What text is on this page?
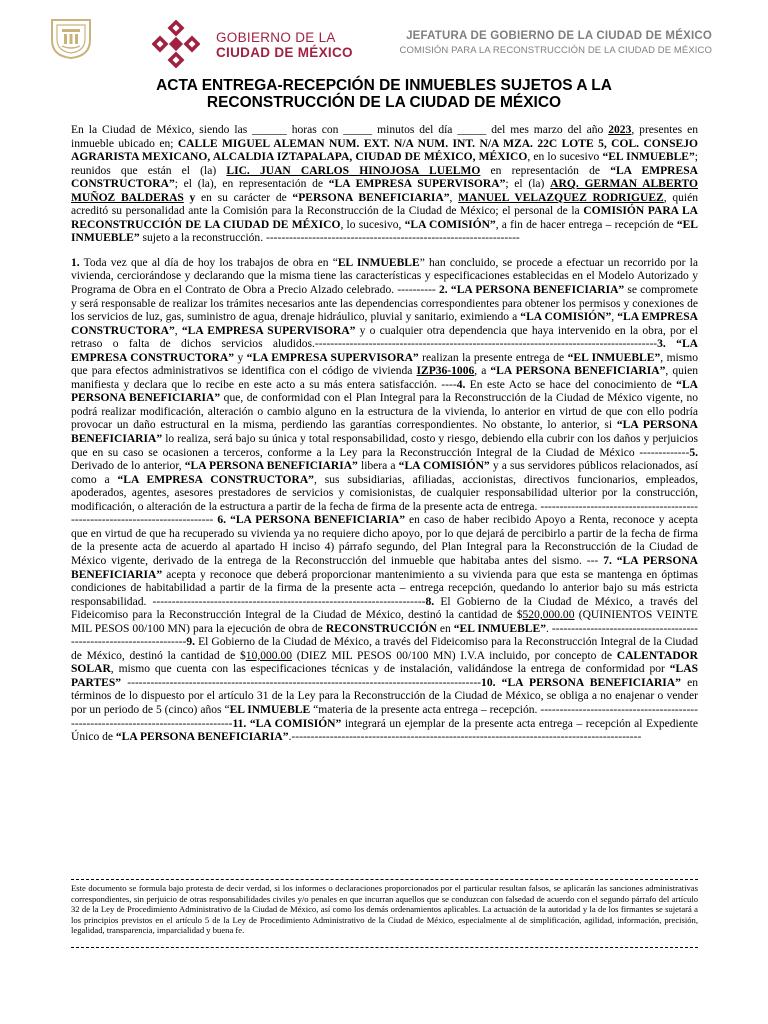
GOBIERNO DE LA
CIUDAD DE MÉXICO
JEFATURA DE GOBIERNO DE LA CIUDAD DE MÉXICO
COMISIÓN PARA LA RECONSTRUCCIÓN DE LA CIUDAD DE MÉXICO
ACTA ENTREGA-RECEPCIÓN DE INMUEBLES SUJETOS A LA
RECONSTRUCCIÓN DE LA CIUDAD DE MÉXICO

En la Ciudad de México, siendo las ______ horas con _____ minutos del día _____ del mes marzo del año 2023, presentes en inmueble ubicado en; CALLE MIGUEL ALEMAN NUM. EXT. N/A NUM. INT. N/A MZA. 22C LOTE 5, COL. CONSEJO AGRARISTA MEXICANO, ALCALDIA IZTAPALAPA, CIUDAD DE MÉXICO, MÉXICO, en lo sucesivo “EL INMUEBLE”; reunidos que están el (la) LIC. JUAN CARLOS HINOJOSA LUELMO en representación de “LA EMPRESA CONSTRUCTORA”; el (la), en representación de “LA EMPRESA SUPERVISORA”; el (la) ARQ. GERMAN ALBERTO MUÑOZ BALDERAS y en su carácter de “PERSONA BENEFICIARIA”, MANUEL VELAZQUEZ RODRIGUEZ, quién acreditó su personalidad ante la Comisión para la Reconstrucción de la Ciudad de México; el personal de la COMISIÓN PARA LA RECONSTRUCCIÓN DE LA CIUDAD DE MÉXICO, lo sucesivo, “LA COMISIÓN”, a fin de hacer entrega – recepción de “EL INMUEBLE” sujeto a la reconstrucción. ------------------------------------------------------------------

1. Toda vez que al día de hoy los trabajos de obra en “EL INMUEBLE” han concluido, se procede a efectuar un recorrido por la vivienda, cerciorándose y declarando que la misma tiene las características y especificaciones establecidas en el Modelo Autorizado y Programa de Obra en el Contrato de Obra a Precio Alzado celebrado. ---------- 2. “LA PERSONA BENEFICIARIA” se compromete y será responsable de realizar los trámites necesarios ante las dependencias correspondientes para obtener los permisos y conexiones de los servicios de luz, gas, suministro de agua, drenaje hidráulico, pluvial y sanitario, eximiendo a “LA COMISIÓN”, “LA EMPRESA CONSTRUCTORA”, “LA EMPRESA SUPERVISORA” y o cualquier otra dependencia que haya intervenido en la obra, por el retraso o falta de dichos servicios aludidos.-----------------------------------------------------------------------------------------3. “LA EMPRESA CONSTRUCTORA” y “LA EMPRESA SUPERVISORA” realizan la presente entrega de “EL INMUEBLE”, mismo que para efectos administrativos se identifica con el código de vivienda IZP36-1006, a “LA PERSONA BENEFICIARIA”, quien manifiesta y declara que lo recibe en este acto a su más entera satisfacción. ----4. En este Acto se hace del conocimiento de “LA PERSONA BENEFICIARIA” que, de conformidad con el Plan Integral para la Reconstrucción de la Ciudad de México vigente, no podrá realizar modificación, alteración o cambio alguno en la estructura de la vivienda, lo anterior en virtud de que con ello podría provocar un daño estructural en la misma, perdiendo las garantías correspondientes. No obstante, lo anterior, si “LA PERSONA BENEFICIARIA” lo realiza, será bajo su única y total responsabilidad, costo y riesgo, debiendo ella cubrir con los daños y perjuicios que en su caso se ocasionen a terceros, conforme a la Ley para la Reconstrucción Integral de la Ciudad de México -------------5. Derivado de lo anterior, “LA PERSONA BENEFICIARIA” libera a “LA COMISIÓN” y a sus servidores públicos relacionados, así como a “LA EMPRESA CONSTRUCTORA”, sus subsidiarias, afiliadas, accionistas, directivos funcionarios, empleados, apoderados, agentes, asesores prestadores de servicios y comisionistas, de cualquier responsabilidad ulterior por la construcción, modificación, o alteración de la estructura a partir de la fecha de firma de la presente acta de entrega. ------------------------------------------------------------------------------ 6. “LA PERSONA BENEFICIARIA” en caso de haber recibido Apoyo a Renta, reconoce y acepta que en virtud de que ha recuperado su vivienda ya no requiere dicho apoyo, por lo que dejará de percibirlo a partir de la fecha de firma de la presente acta de acuerdo al apartado H inciso 4) párrafo segundo, del Plan Integral para la Reconstrucción de la Ciudad de México vigente, derivado de la entrega de la Reconstrucción del inmueble que habitaba antes del sismo. --- 7. “LA PERSONA BENEFICIARIA” acepta y reconoce que deberá proporcionar mantenimiento a su vivienda para que esta se mantenga en óptimas condiciones de habitabilidad a partir de la firma de la presente acta – entrega recepción, quedando lo anterior bajo su más estricta responsabilidad. -----------------------------------------------------------------------8. El Gobierno de la Ciudad de México, a través del Fideicomiso para la Reconstrucción Integral de la Ciudad de México, destinó la cantidad de $520,000.00 (QUINIENTOS VEINTE MIL PESOS 00/100 MN) para la ejecución de obra de RECONSTRUCCIÓN en “EL INMUEBLE”. --------------------------------------------------------------------9. El Gobierno de la Ciudad de México, a través del Fideicomiso para la Reconstrucción Integral de la Ciudad de México, destinó la cantidad de $10,000.00 (DIEZ MIL PESOS 00/100 MN) I.V.A incluido, por concepto de CALENTADOR SOLAR, mismo que cuenta con las especificaciones técnicas y de instalación, validándose la entrega de conformidad por “LAS PARTES” --------------------------------------------------------------------------------------------10. “LA PERSONA BENEFICIARIA” en términos de lo dispuesto por el artículo 31 de la Ley para la Reconstrucción de la Ciudad de México, se obliga a no enajenar o vender por un periodo de 5 (cinco) años “EL INMUEBLE “materia de la presente acta entrega – recepción. -----------------------------------------------------------------------------------11. “LA COMISIÓN” integrará un ejemplar de la presente acta entrega – recepción al Expediente Único de “LA PERSONA BENEFICIARIA”.-------------------------------------------------------------------------------------------

Este documento se formula bajo protesta de decir verdad, si los informes o declaraciones proporcionados por el particular resultan falsos, se aplicarán las sanciones administrativas correspondientes, sin perjuicio de otras responsabilidades civiles y/o penales en que incurran aquellos que se conduzcan con falsedad de acuerdo con el segundo párrafo del artículo 32 de la Ley de Procedimiento Administrativo de la Ciudad de México, así como los demás ordenamientos aplicables. La actuación de la autoridad y la de los firmantes se sujetará a los principios previstos en el artículo 5 de la Ley de Procedimiento Administrativo de la Ciudad de México, especialmente al de simplificación, agilidad, información, precisión, legalidad, transparencia, imparcialidad y buena fe.
